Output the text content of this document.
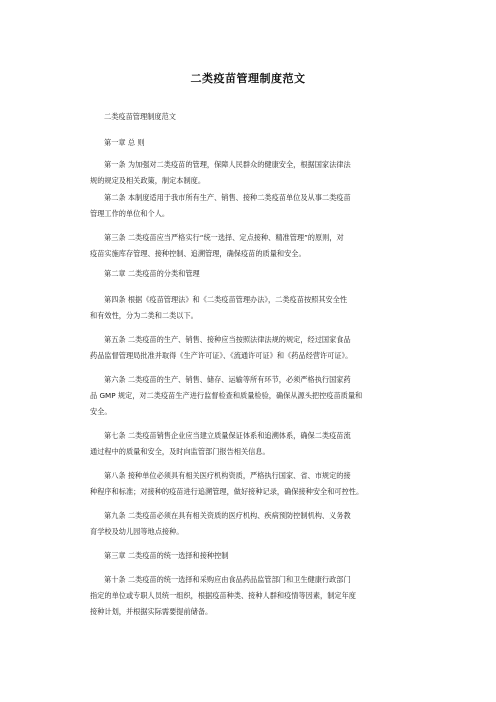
二类疫苗管理制度范文
二类疫苗管理制度范文
第一章 总 则
第一条 为加强对二类疫苗的管理，保障人民群众的健康安全，根据国家法律法
规的规定及相关政策，制定本制度。
第二条 本制度适用于我市所有生产、销售、接种二类疫苗单位及从事二类疫苗
管理工作的单位和个人。
第三条 二类疫苗应当严格实行“统一选择、定点接种、精准管理”的原则，对
疫苗实施库存管理、接种控制、追溯管理，确保疫苗的质量和安全。
第二章 二类疫苗的分类和管理
第四条 根据《疫苗管理法》和《二类疫苗管理办法》，二类疫苗按照其安全性
和有效性，分为二类和二类以下。
第五条 二类疫苗的生产、销售、接种应当按照法律法规的规定，经过国家食品
药品监督管理局批准并取得《生产许可证》、《流通许可证》和《药品经营许可证》。
第六条 二类疫苗的生产、销售、储存、运输等所有环节，必须严格执行国家药
品 GMP 规定，对二类疫苗生产进行监督检查和质量检验，确保从源头把控疫苗质量和
安全。
第七条 二类疫苗销售企业应当建立质量保证体系和追溯体系，确保二类疫苗流
通过程中的质量和安全，及时向监管部门报告相关信息。
第八条 接种单位必须具有相关医疗机构资质，严格执行国家、省、市规定的接
种程序和标准；对接种的疫苗进行追溯管理，做好接种记录，确保接种安全和可控性。
第九条 二类疫苗必须在具有相关资质的医疗机构、疾病预防控制机构、义务教
育学校及幼儿园等地点接种。
第三章 二类疫苗的统一选择和接种控制
第十条 二类疫苗的统一选择和采购应由食品药品监管部门和卫生健康行政部门
指定的单位或专职人员统一组织，根据疫苗种类、接种人群和疫情等因素，制定年度
接种计划，并根据实际需要提前储备。
